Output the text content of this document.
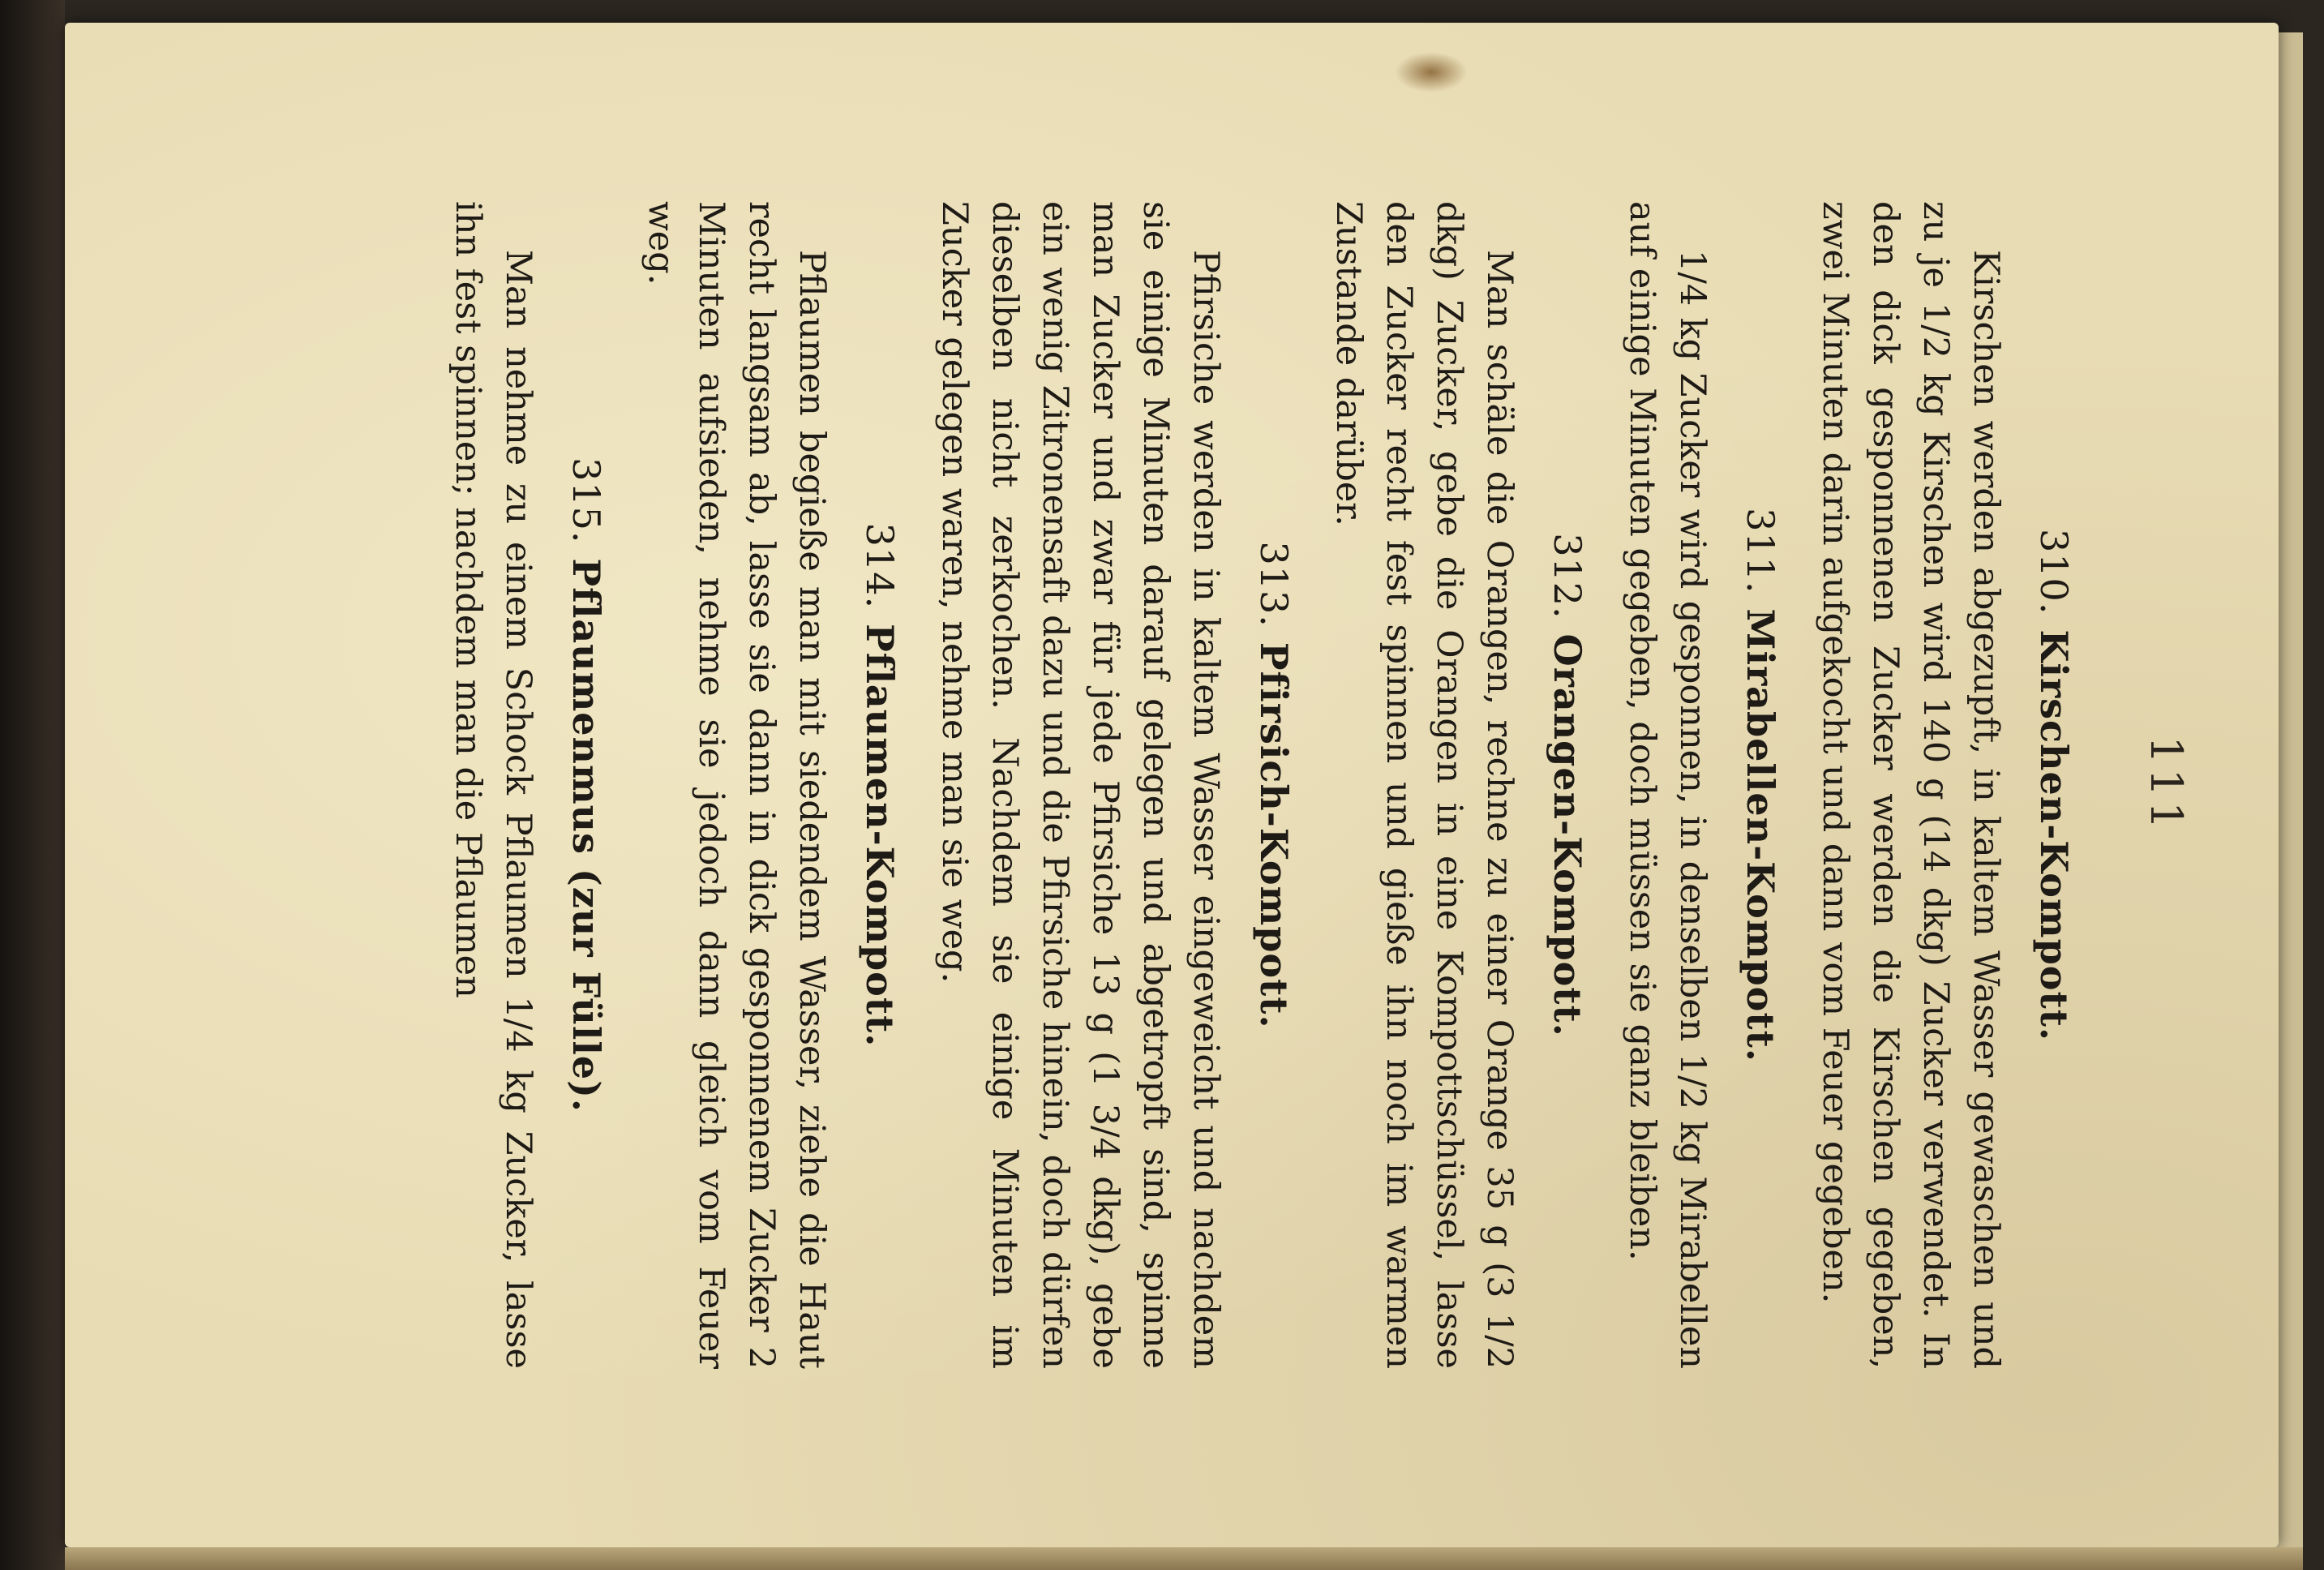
111
310.Kirschen-Kompott.

Kirschen werden abgezupft, in kaltem Wasser gewaschen und zu je 1/2 kg Kirschen wird 140 g (14 dkg) Zucker verwendet. In den dick gesponnenen Zucker werden die Kirschen gegeben, zwei Minuten darin aufgekocht und dann vom Feuer gegeben.

311.Mirabellen-Kompott.

1/4 kg Zucker wird gesponnen, in denselben 1/2 kg Mirabellen auf einige Minuten gegeben, doch müssen sie ganz bleiben.

312.Orangen-Kompott.

Man schäle die Orangen, rechne zu einer Orange 35 g (3 1/2 dkg) Zucker, gebe die Orangen in eine Kompottschüssel, lasse den Zucker recht fest spinnen und gieße ihn noch im warmen Zustande darüber.

313.Pfirsich-Kompott.

Pfirsiche werden in kaltem Wasser eingeweicht und nachdem sie einige Minuten darauf gelegen und abgetropft sind, spinne man Zucker und zwar für jede Pfirsiche 13 g (1 3/4 dkg), gebe ein wenig Zitronensaft dazu und die Pfirsiche hinein, doch dürfen dieselben nicht zerkochen. Nachdem sie einige Minuten im Zucker gelegen waren, nehme man sie weg.

314.Pflaumen-Kompott.

Pflaumen begieße man mit siedendem Wasser, ziehe die Haut recht langsam ab, lasse sie dann in dick gesponnenem Zucker 2 Minuten aufsieden, nehme sie jedoch dann gleich vom Feuer weg.

315.Pflaumenmus (zur Fülle).

Man nehme zu einem Schock Pflaumen 1/4 kg Zucker, lasse ihn fest spinnen; nachdem man die Pflaumen
